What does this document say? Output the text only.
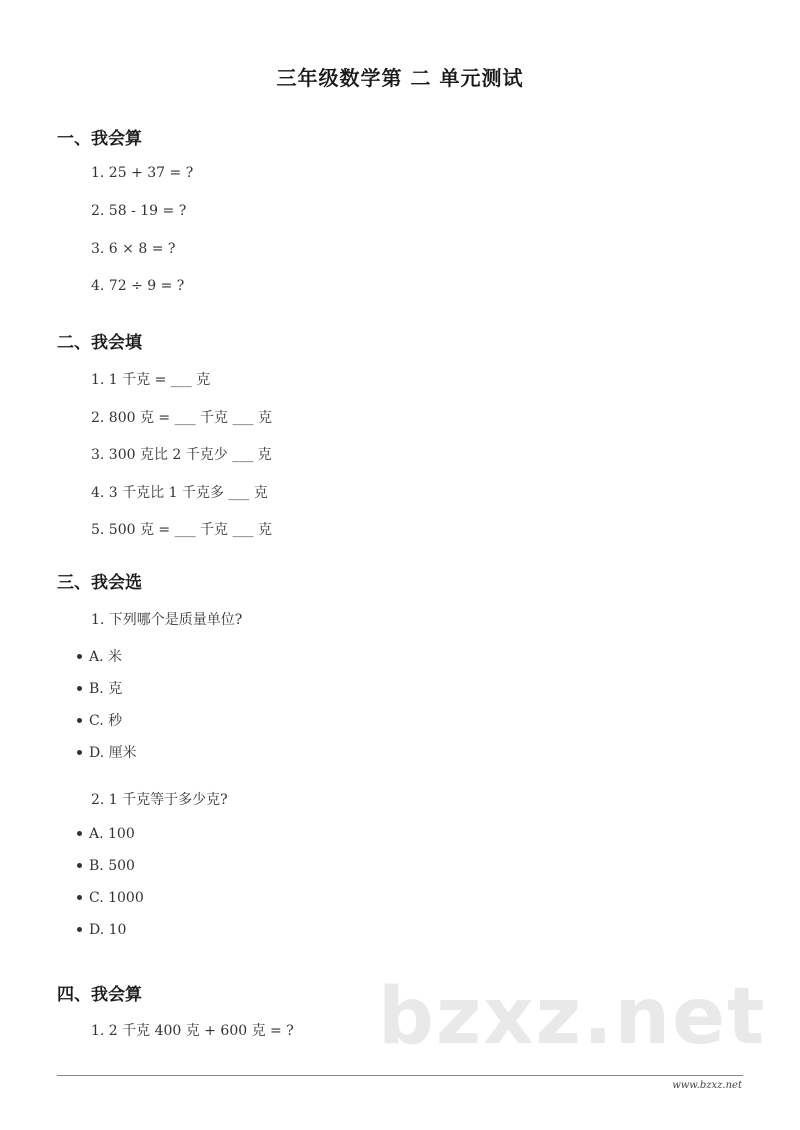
三年级数学第 二 单元测试
一、我会算
1. 25 + 37 = ?
2. 58 - 19 = ?
3. 6 × 8 = ?
4. 72 ÷ 9 = ?
二、我会填
1. 1 千克 = ___ 克
2. 800 克 = ___ 千克 ___ 克
3. 300 克比 2 千克少 ___ 克
4. 3 千克比 1 千克多 ___ 克
5. 500 克 = ___ 千克 ___ 克
三、我会选
1. 下列哪个是质量单位?
A. 米
B. 克
C. 秒
D. 厘米
2. 1 千克等于多少克?
A. 100
B. 500
C. 1000
D. 10
bzxz.net
四、我会算
1. 2 千克 400 克 + 600 克 = ?
www.bzxz.net
